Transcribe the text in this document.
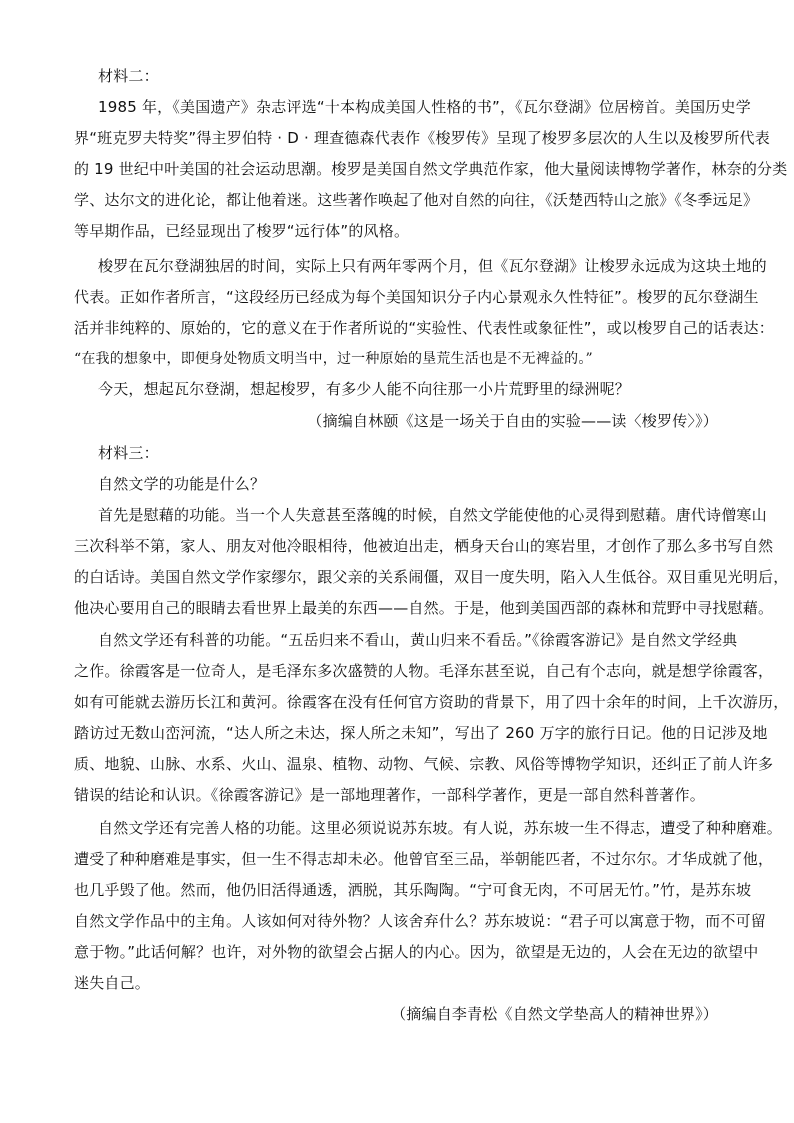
材料二：
1985 年，《美国遗产》杂志评选“十本构成美国人性格的书”，《瓦尔登湖》位居榜首。美国历史学
界“班克罗夫特奖”得主罗伯特 · D · 理查德森代表作《梭罗传》呈现了梭罗多层次的人生以及梭罗所代表
的 19 世纪中叶美国的社会运动思潮。梭罗是美国自然文学典范作家，他大量阅读博物学著作，林奈的分类
学、达尔文的进化论，都让他着迷。这些著作唤起了他对自然的向往，《沃楚西特山之旅》《冬季远足》
等早期作品，已经显现出了梭罗“远行体”的风格。
梭罗在瓦尔登湖独居的时间，实际上只有两年零两个月，但《瓦尔登湖》让梭罗永远成为这块土地的
代表。正如作者所言，“这段经历已经成为每个美国知识分子内心景观永久性特征”。梭罗的瓦尔登湖生
活并非纯粹的、原始的，它的意义在于作者所说的“实验性、代表性或象征性”，或以梭罗自己的话表达：
“在我的想象中，即便身处物质文明当中，过一种原始的垦荒生活也是不无裨益的。”
今天，想起瓦尔登湖，想起梭罗，有多少人能不向往那一小片荒野里的绿洲呢？
（摘编自林颐《这是一场关于自由的实验——读〈梭罗传〉》）
材料三：
自然文学的功能是什么？
首先是慰藉的功能。当一个人失意甚至落魄的时候，自然文学能使他的心灵得到慰藉。唐代诗僧寒山
三次科举不第，家人、朋友对他冷眼相待，他被迫出走，栖身天台山的寒岩里，才创作了那么多书写自然
的白话诗。美国自然文学作家缪尔，跟父亲的关系闹僵，双目一度失明，陷入人生低谷。双目重见光明后，
他决心要用自己的眼睛去看世界上最美的东西——自然。于是，他到美国西部的森林和荒野中寻找慰藉。
自然文学还有科普的功能。“五岳归来不看山，黄山归来不看岳。”《徐霞客游记》是自然文学经典
之作。徐霞客是一位奇人，是毛泽东多次盛赞的人物。毛泽东甚至说，自己有个志向，就是想学徐霞客，
如有可能就去游历长江和黄河。徐霞客在没有任何官方资助的背景下，用了四十余年的时间，上千次游历，
踏访过无数山峦河流，“达人所之未达，探人所之未知”，写出了 260 万字的旅行日记。他的日记涉及地
质、地貌、山脉、水系、火山、温泉、植物、动物、气候、宗教、风俗等博物学知识，还纠正了前人许多
错误的结论和认识。《徐霞客游记》是一部地理著作，一部科学著作，更是一部自然科普著作。
自然文学还有完善人格的功能。这里必须说说苏东坡。有人说，苏东坡一生不得志，遭受了种种磨难。
遭受了种种磨难是事实，但一生不得志却未必。他曾官至三品，举朝能匹者，不过尔尔。才华成就了他，
也几乎毁了他。然而，他仍旧活得通透，洒脱，其乐陶陶。“宁可食无肉，不可居无竹。”竹，是苏东坡
自然文学作品中的主角。人该如何对待外物？人该舍弃什么？苏东坡说：“君子可以寓意于物，而不可留
意于物。”此话何解？也许，对外物的欲望会占据人的内心。因为，欲望是无边的，人会在无边的欲望中
迷失自己。
（摘编自李青松《自然文学垫高人的精神世界》）
